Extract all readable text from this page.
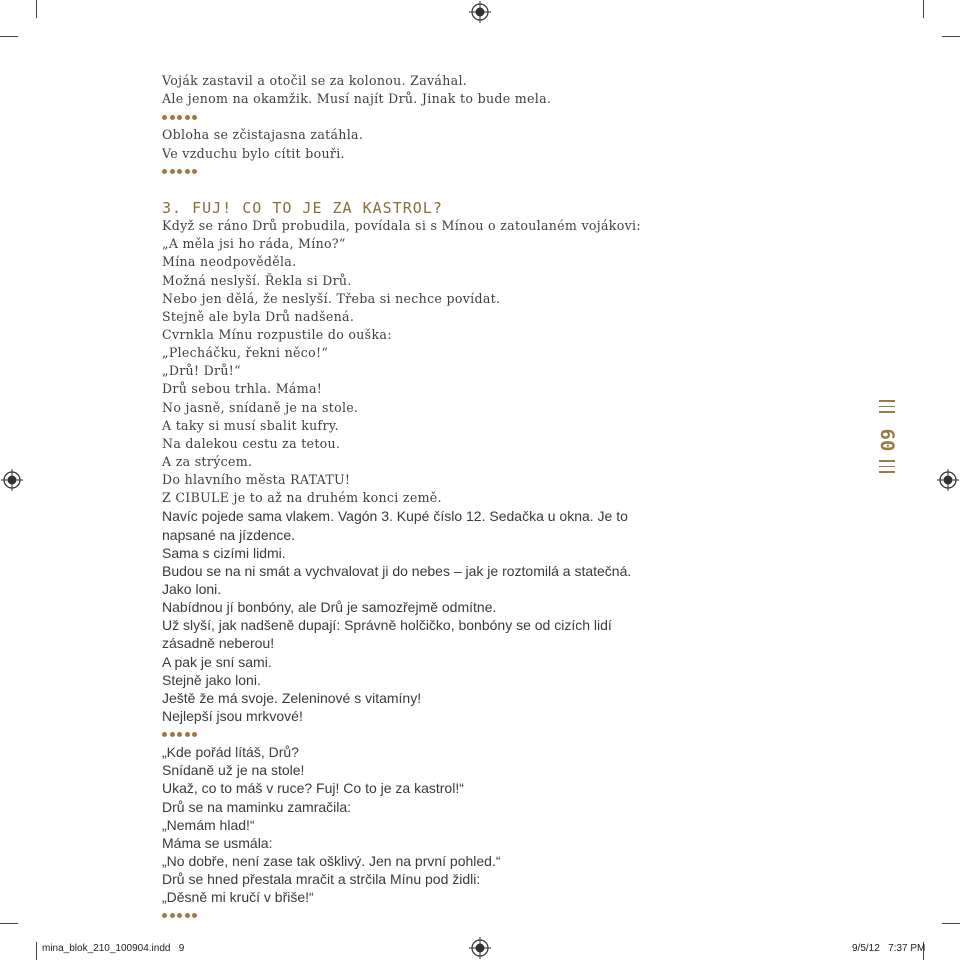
Voják zastavil a otočil se za kolonou. Zaváhal.
Ale jenom na okamžik. Musí najít Drů. Jinak to bude mela.
Obloha se zčistajasna zatáhla.
Ve vzduchu bylo cítit bouři.
3. FUJ! CO TO JE ZA KASTROL?
Když se ráno Drů probudila, povídala si s Mínou o zatoulaném vojákovi:
„A měla jsi ho ráda, Míno?“
Mína neodpověděla.
Možná neslyší. Řekla si Drů.
Nebo jen dělá, že neslyší. Třeba si nechce povídat.
Stejně ale byla Drů nadšená.
Cvrnkla Mínu rozpustile do ouška:
„Plecháčku, řekni něco!“
„Drů! Drů!“
Drů sebou trhla. Máma!
No jasně, snídaně je na stole.
A taky si musí sbalit kufry.
Na dalekou cestu za tetou.
A za strýcem.
Do hlavního města RATATU!
Z CIBULE je to až na druhém konci země.
Navíc pojede sama vlakem. Vagón 3. Kupé číslo 12. Sedačka u okna. Je to
napsané na jízdence.
Sama s cizími lidmi.
Budou se na ni smát a vychvalovat ji do nebes – jak je roztomilá a statečná.
Jako loni.
Nabídnou jí bonbóny, ale Drů je samozřejmě odmítne.
Už slyší, jak nadšeně dupají: Správně holčičko, bonbóny se od cizích lidí
zásadně neberou!
A pak je sní sami.
Stejně jako loni.
Ještě že má svoje. Zeleninové s vitamíny!
Nejlepší jsou mrkvové!
„Kde pořád lítáš, Drů?
Snídaně už je na stole!
Ukaž, co to máš v ruce? Fuj! Co to je za kastrol!“
Drů se na maminku zamračila:
„Nemám hlad!“
Máma se usmála:
„No dobře, není zase tak ošklivý. Jen na první pohled.“
Drů se hned přestala mračit a strčila Mínu pod židli:
„Děsně mi kručí v břiše!“
60
mina_blok_210_100904.indd   9	9/5/12   7:37 PM
